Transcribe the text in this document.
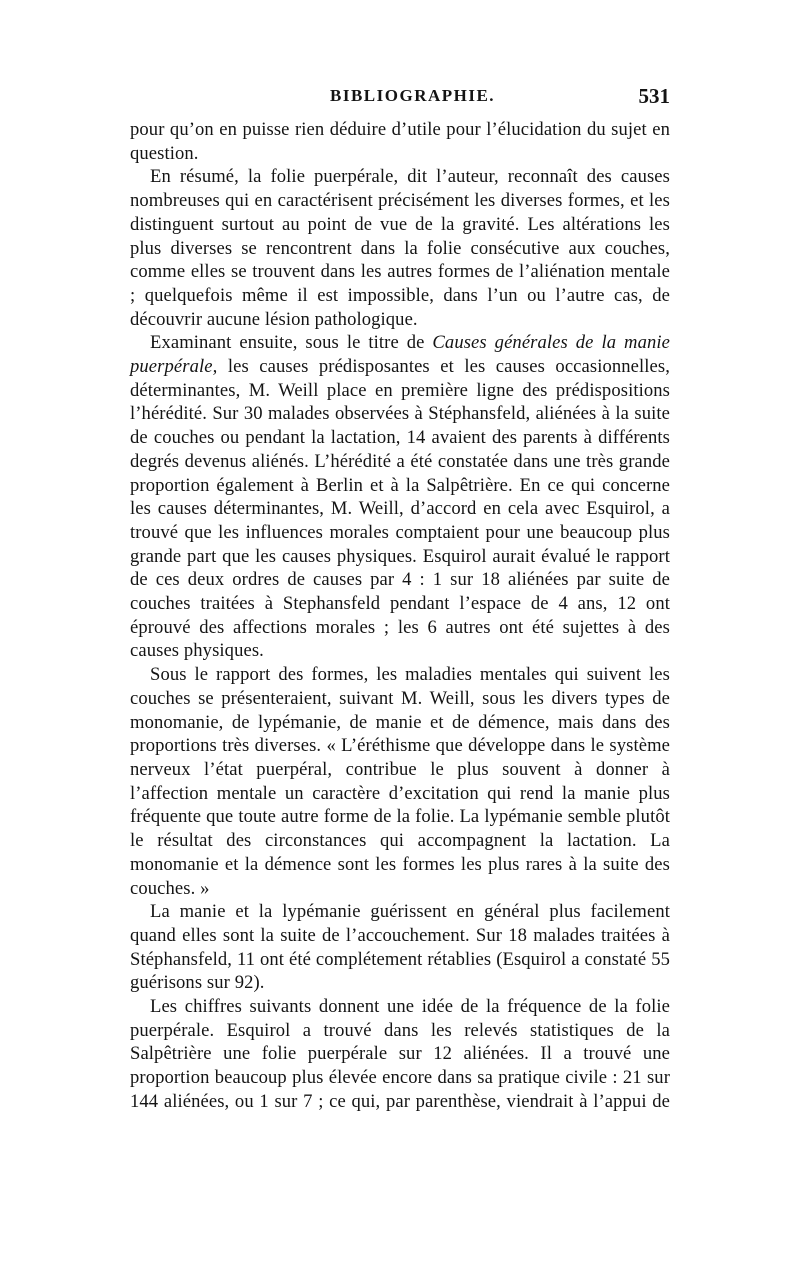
BIBLIOGRAPHIE.	531

pour qu’on en puisse rien déduire d’utile pour l’élucidation du sujet en question.

En résumé, la folie puerpérale, dit l’auteur, reconnaît des causes nombreuses qui en caractérisent précisément les diverses formes, et les distinguent surtout au point de vue de la gravité. Les altérations les plus diverses se rencontrent dans la folie consécutive aux couches, comme elles se trouvent dans les autres formes de l’aliénation mentale ; quelquefois même il est impossible, dans l’un ou l’autre cas, de découvrir aucune lésion pathologique.

Examinant ensuite, sous le titre de Causes générales de la manie puerpérale, les causes prédisposantes et les causes occasionnelles, déterminantes, M. Weill place en première ligne des prédispositions l’hérédité. Sur 30 malades observées à Stéphansfeld, aliénées à la suite de couches ou pendant la lactation, 14 avaient des parents à différents degrés devenus aliénés. L’hérédité a été constatée dans une très grande proportion également à Berlin et à la Salpêtrière. En ce qui concerne les causes déterminantes, M. Weill, d’accord en cela avec Esquirol, a trouvé que les influences morales comptaient pour une beaucoup plus grande part que les causes physiques. Esquirol aurait évalué le rapport de ces deux ordres de causes par 4 : 1 sur 18 aliénées par suite de couches traitées à Stephansfeld pendant l’espace de 4 ans, 12 ont éprouvé des affections morales ; les 6 autres ont été sujettes à des causes physiques.

Sous le rapport des formes, les maladies mentales qui suivent les couches se présenteraient, suivant M. Weill, sous les divers types de monomanie, de lypémanie, de manie et de démence, mais dans des proportions très diverses. « L’éréthisme que développe dans le système nerveux l’état puerpéral, contribue le plus souvent à donner à l’affection mentale un caractère d’excitation qui rend la manie plus fréquente que toute autre forme de la folie. La lypémanie semble plutôt le résultat des circonstances qui accompagnent la lactation. La monomanie et la démence sont les formes les plus rares à la suite des couches. »

La manie et la lypémanie guérissent en général plus facilement quand elles sont la suite de l’accouchement. Sur 18 malades traitées à Stéphansfeld, 11 ont été complétement rétablies (Esquirol a constaté 55 guérisons sur 92).

Les chiffres suivants donnent une idée de la fréquence de la folie puerpérale. Esquirol a trouvé dans les relevés statistiques de la Salpêtrière une folie puerpérale sur 12 aliénées. Il a trouvé une proportion beaucoup plus élevée encore dans sa pratique civile : 21 sur 144 aliénées, ou 1 sur 7 ; ce qui, par parenthèse, viendrait à l’appui de
